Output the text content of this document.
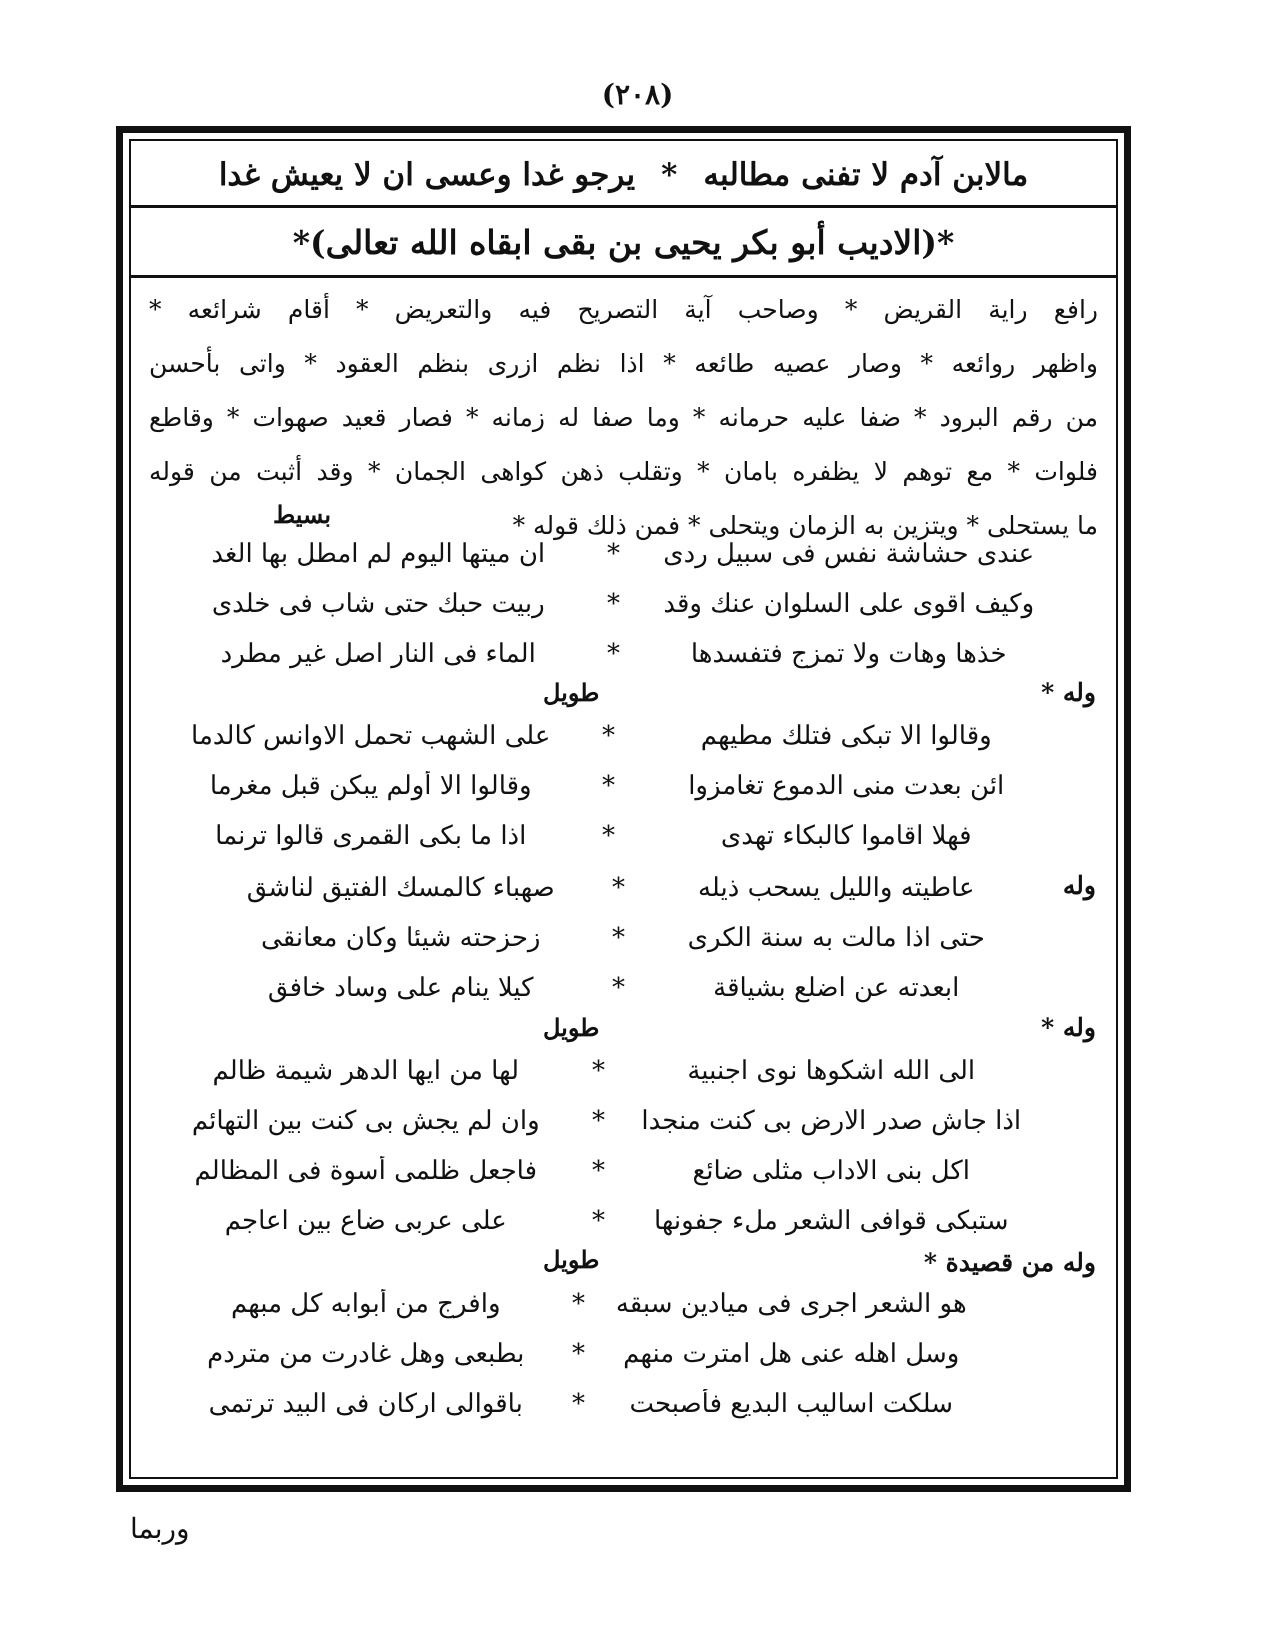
(٢٠٨)
مالابن آدم لا تفنى مطالبه
*
يرجو غدا وعسى ان لا يعيش غدا
*(الاديب أبو بكر يحيى بن بقى ابقاه الله تعالى)*
رافع راية القريض * وصاحب آية التصريح فيه والتعريض * أقام شرائعه *
واظهر روائعه * وصار عصيه طائعه * اذا نظم ازرى بنظم العقود * واتى بأحسن
من رقم البرود * ضفا عليه حرمانه * وما صفا له زمانه * فصار قعيد صهوات * وقاطع
فلوات * مع توهم لا يظفره بامان * وتقلب ذهن كواهى الجمان * وقد أثبت من قوله
ما يستحلى * ويتزين به الزمان ويتحلى * فمن ذلك قوله *
بسيط
عندى حشاشة نفس فى سبيل ردى
*
ان ميتها اليوم لم امطل بها الغد
وكيف اقوى على السلوان عنك وقد
*
ربيت حبك حتى شاب فى خلدى
خذها وهات ولا تمزج فتفسدها
*
الماء فى النار اصل غير مطرد
وله *
طويل
وقالوا الا تبكى فتلك مطيهم
*
على الشهب تحمل الاوانس كالدما
ائن بعدت منى الدموع تغامزوا
*
وقالوا الا أولم يبكن قبل مغرما
فهلا اقاموا كالبكاء تهدى
*
اذا ما بكى القمرى قالوا ترنما
وله
عاطيته والليل يسحب ذيله
*
صهباء كالمسك الفتيق لناشق
حتى اذا مالت به سنة الكرى
*
زحزحته شيئا وكان معانقى
ابعدته عن اضلع بشياقة
*
كيلا ينام على وساد خافق
وله *
طويل
الى الله اشكوها نوى اجنبية
*
لها من ايها الدهر شيمة ظالم
اذا جاش صدر الارض بى كنت منجدا
*
وان لم يجش بى كنت بين التهائم
اكل بنى الاداب مثلى ضائع
*
فاجعل ظلمى أسوة فى المظالم
ستبكى قوافى الشعر ملء جفونها
*
على عربى ضاع بين اعاجم
وله من قصيدة *
طويل
هو الشعر اجرى فى ميادين سبقه
*
وافرج من أبوابه كل مبهم
وسل اهله عنى هل امترت منهم
*
بطبعى وهل غادرت من متردم
سلكت اساليب البديع فأصبحت
*
باقوالى اركان فى البيد ترتمى
وربما
